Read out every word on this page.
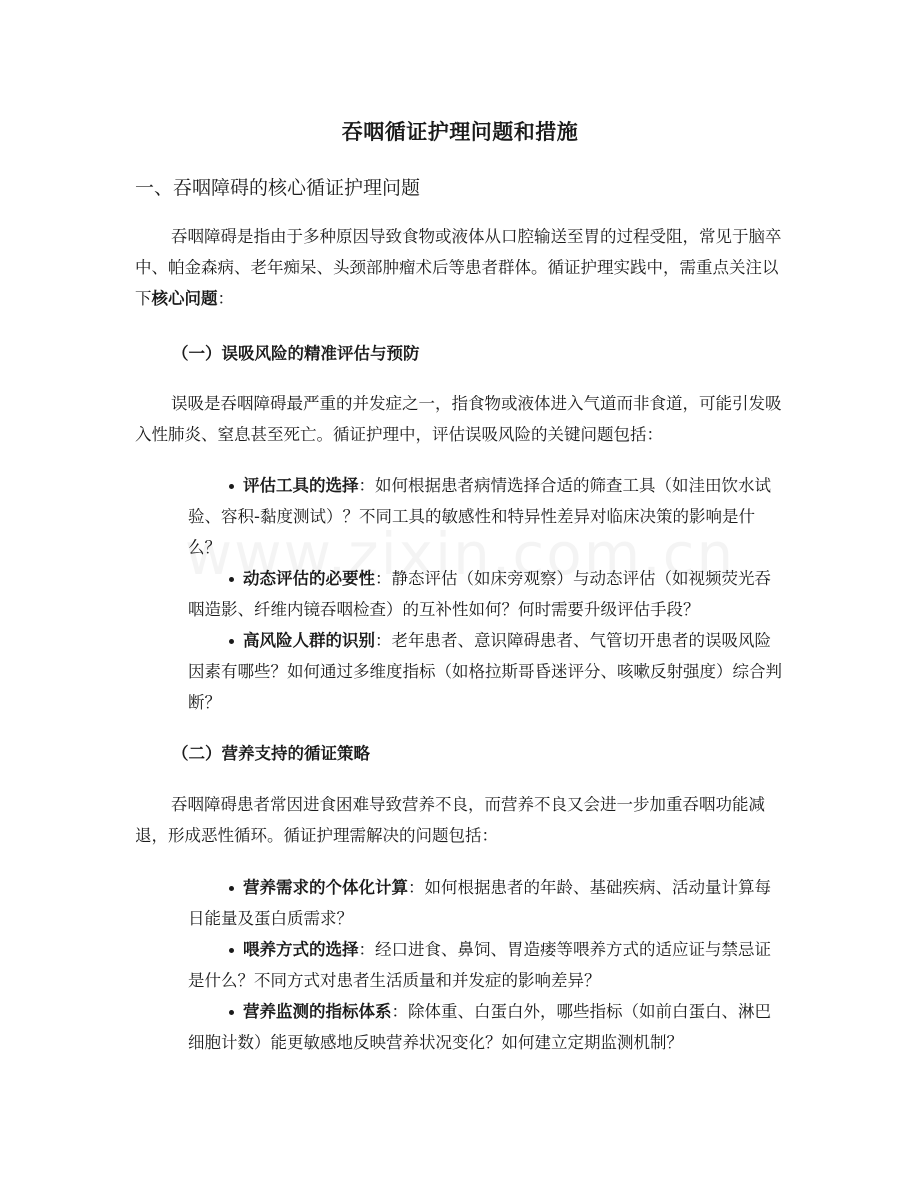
吞咽循证护理问题和措施
一、吞咽障碍的核心循证护理问题

吞咽障碍是指由于多种原因导致食物或液体从口腔输送至胃的过程受阻，常见于脑卒中、帕金森病、老年痴呆、头颈部肿瘤术后等患者群体。循证护理实践中，需重点关注以下核心问题：

（一）误吸风险的精准评估与预防

误吸是吞咽障碍最严重的并发症之一，指食物或液体进入气道而非食道，可能引发吸入性肺炎、窒息甚至死亡。循证护理中，评估误吸风险的关键问题包括：

评估工具的选择：如何根据患者病情选择合适的筛查工具（如洼田饮水试验、容积-黏度测试）？不同工具的敏感性和特异性差异对临床决策的影响是什么？
动态评估的必要性：静态评估（如床旁观察）与动态评估（如视频荧光吞咽造影、纤维内镜吞咽检查）的互补性如何？何时需要升级评估手段？
高风险人群的识别：老年患者、意识障碍患者、气管切开患者的误吸风险因素有哪些？如何通过多维度指标（如格拉斯哥昏迷评分、咳嗽反射强度）综合判断？
（二）营养支持的循证策略

吞咽障碍患者常因进食困难导致营养不良，而营养不良又会进一步加重吞咽功能减退，形成恶性循环。循证护理需解决的问题包括：

营养需求的个体化计算：如何根据患者的年龄、基础疾病、活动量计算每日能量及蛋白质需求？
喂养方式的选择：经口进食、鼻饲、胃造瘘等喂养方式的适应证与禁忌证是什么？不同方式对患者生活质量和并发症的影响差异？
营养监测的指标体系：除体重、白蛋白外，哪些指标（如前白蛋白、淋巴细胞计数）能更敏感地反映营养状况变化？如何建立定期监测机制？
